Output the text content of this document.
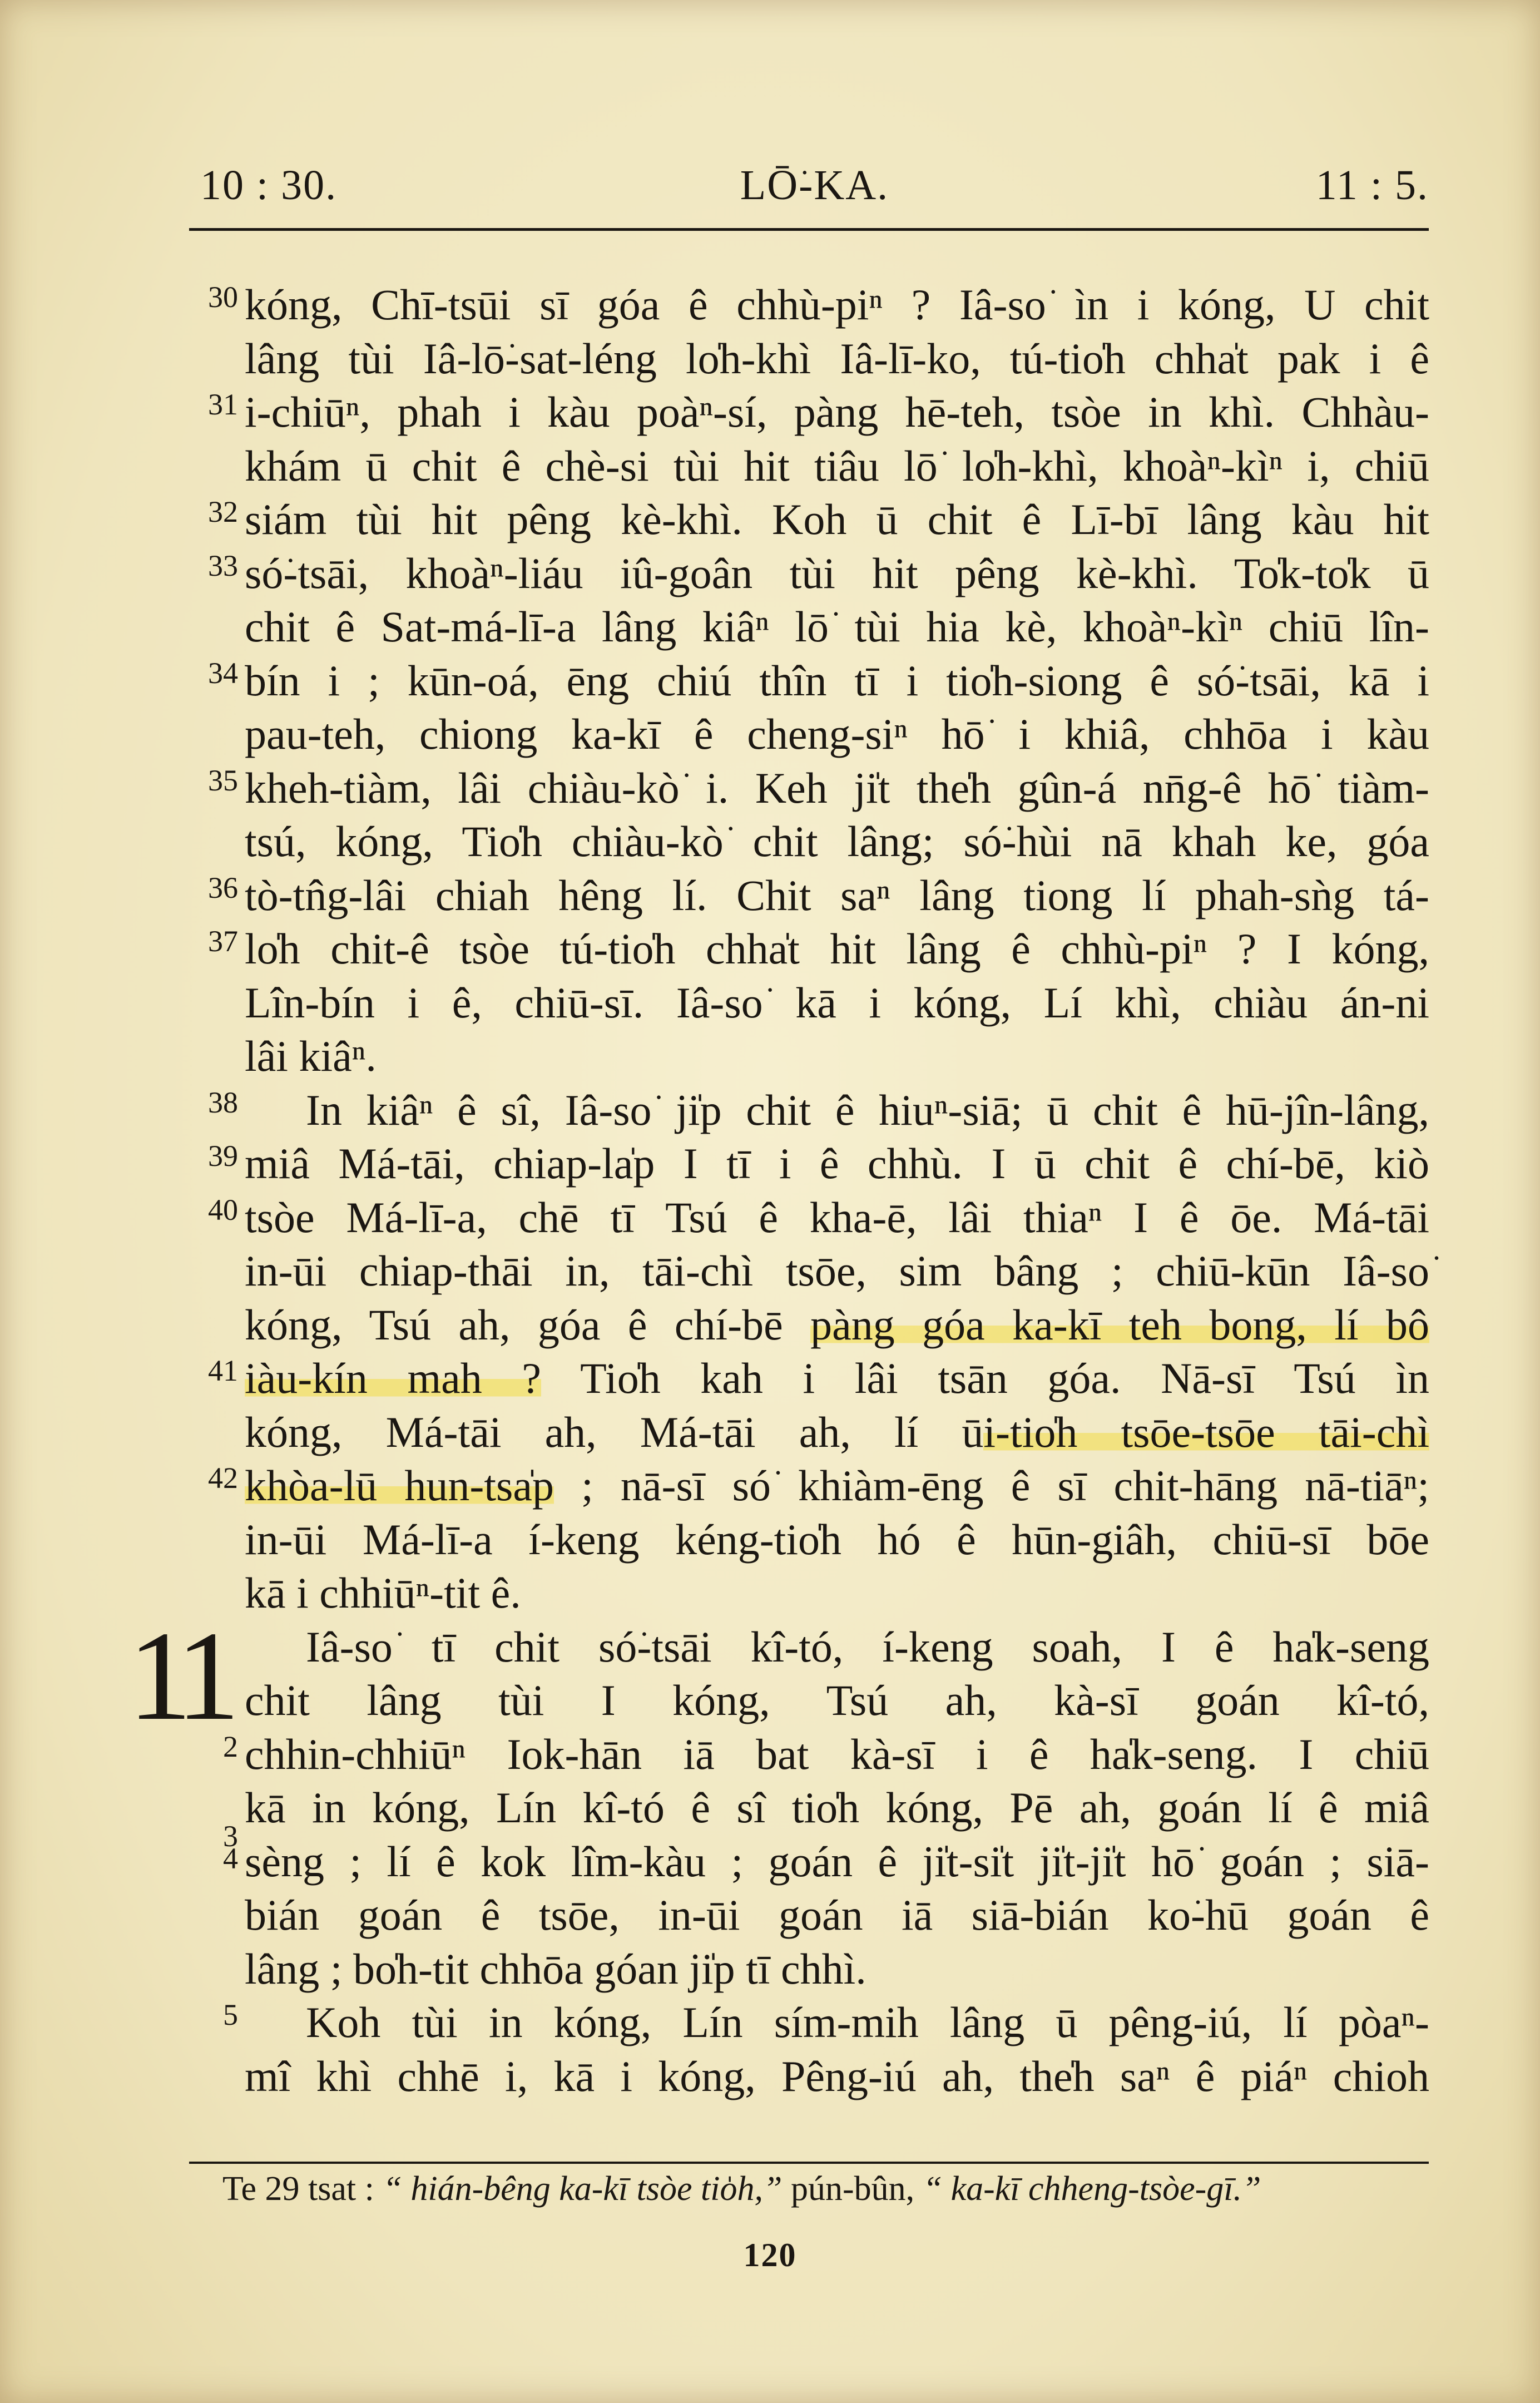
10 : 30.	LŌ͘-KA.	11 : 5.
30 kóng, Chī-tsūi sī góa ê chhù-piⁿ ? Iâ-so͘ ìn i kóng, U chit
lâng tùi Iâ-lō͘-sat-léng lo̍h-khì Iâ-lī-ko, tú-tio̍h chha̍t pak i ê
31 i-chiūⁿ, phah i kàu poàⁿ-sí, pàng hē-teh, tsòe in khì. Chhàu-
khám ū chit ê chè-si tùi hit tiâu lō͘ lo̍h-khì, khoàⁿ-kìⁿ i, chiū
32 siám tùi hit pêng kè-khì. Koh ū chit ê Lī-bī lâng kàu hit
33 só͘-tsāi, khoàⁿ-liáu iû-goân tùi hit pêng kè-khì. To̍k-to̍k ū
chit ê Sat-má-lī-a lâng kiâⁿ lō͘ tùi hia kè, khoàⁿ-kìⁿ chiū lîn-
34 bín i ; kūn-oá, ēng chiú thîn tī i tio̍h-siong ê só͘-tsāi, kā i
pau-teh, chiong ka-kī ê cheng-siⁿ hō͘ i khiâ, chhōa i kàu
35 kheh-tiàm, lâi chiàu-kò͘ i. Keh ji̍t the̍h gûn-á nn̄g-ê hō͘ tiàm-
tsú, kóng, Tio̍h chiàu-kò͘ chit lâng; só͘-hùi nā khah ke, góa
36 tò-tn̂g-lâi chiah hêng lí. Chit saⁿ lâng tiong lí phah-sǹg tá-
37 lo̍h chit-ê tsòe tú-tio̍h chha̍t hit lâng ê chhù-piⁿ ? I kóng,
Lîn-bín i ê, chiū-sī. Iâ-so͘ kā i kóng, Lí khì, chiàu án-ni
lâi kiâⁿ.
38	In kiâⁿ ê sî, Iâ-so͘ ji̍p chit ê hiuⁿ-siā; ū chit ê hū-jîn-lâng,
39 miâ Má-tāi, chiap-la̍p I tī i ê chhù. I ū chit ê chí-bē, kiò
40 tsòe Má-lī-a, chē tī Tsú ê kha-ē, lâi thiaⁿ I ê ōe. Má-tāi
in-ūi chiap-thāi in, tāi-chì tsōe, sim bâng ; chiū-kūn Iâ-so͘
kóng, Tsú ah, góa ê chí-bē pàng góa ka-kī teh bong, lí bô
41 iàu-kín mah ? Tio̍h kah i lâi tsān góa. Nā-sī Tsú ìn
kóng, Má-tāi ah, Má-tāi ah, lí ūi-tio̍h tsōe-tsōe tāi-chì
42 khòa-lū hun-tsa̍p ; nā-sī só͘ khiàm-ēng ê sī chit-hāng nā-tiāⁿ;
in-ūi Má-lī-a í-keng kéng-tio̍h hó ê hūn-giâh, chiū-sī bōe
kā i chhiūⁿ-tit ê.
11	Iâ-so͘ tī chit só͘-tsāi kî-tó, í-keng soah, I ê ha̍k-seng
chit lâng tùi I kóng, Tsú ah, kà-sī goán kî-tó,
2 chhin-chhiūⁿ Iok-hān iā bat kà-sī i ê ha̍k-seng. I chiū
kā in kóng, Lín kî-tó ê sî tio̍h kóng, Pē ah, goán lí ê miâ
3
4 sèng ; lí ê kok lîm-kàu ; goán ê ji̍t-si̍t ji̍t-ji̍t hō͘ goán ; siā-
bián goán ê tsōe, in-ūi goán iā siā-bián ko͘-hū goán ê
lâng ; bo̍h-tit chhōa góan ji̍p tī chhì.
5	Koh tùi in kóng, Lín sím-mih lâng ū pêng-iú, lí pòaⁿ-
mî khì chhē i, kā i kóng, Pêng-iú ah, the̍h saⁿ ê piáⁿ chioh
Te 29 tsat : “ hián-bêng ka-kī tsòe tio̍h,” pún-bûn, “ ka-kī chheng-tsòe-gī.”
120
